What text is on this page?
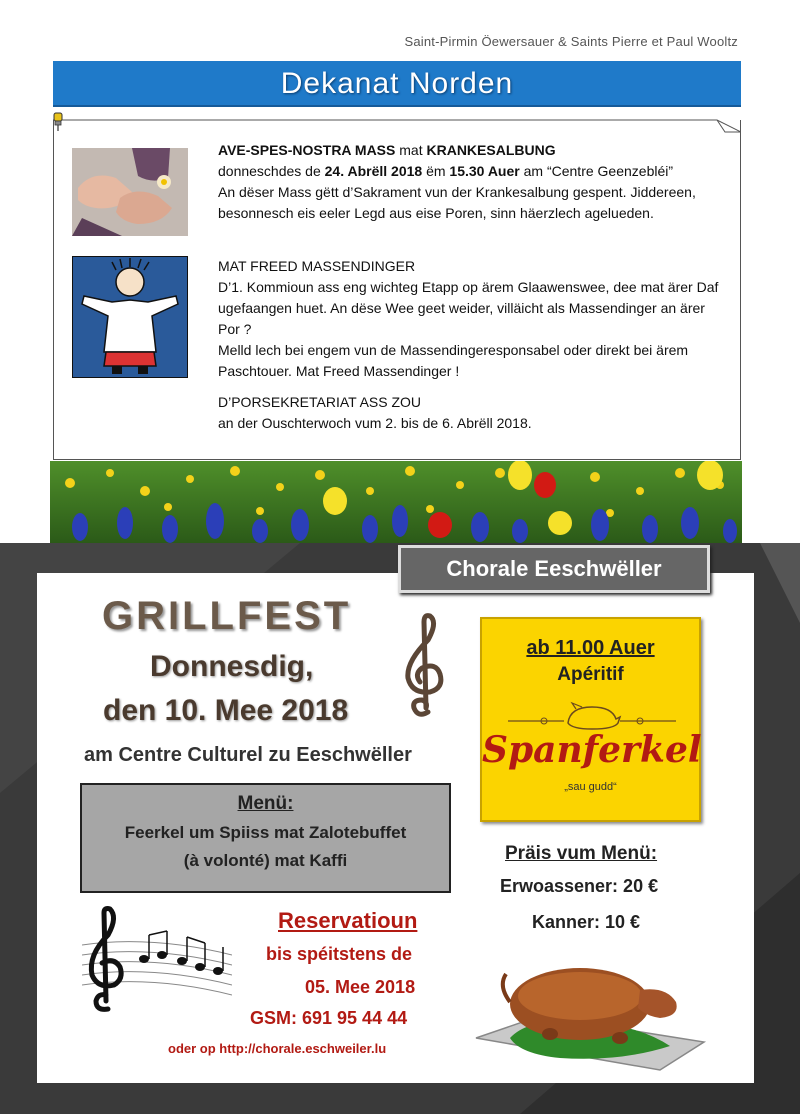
Saint-Pirmin Öewersauer & Saints Pierre et Paul Wooltz
Dekanat Norden
AVE-SPES-NOSTRA MASS mat KRANKESALBUNG
donneschdes de 24. Abrëll 2018 ëm 15.30 Auer am “Centre Geenzebléi”
An dëser Mass gëtt d’Sakrament vun der Krankesalbung gespent. Jiddereen, besonnesch eis eeler Legd aus eise Poren, sinn häerzlech agelueden.
MAT FREED MASSENDINGER
D’1. Kommioun ass eng wichteg Etapp op ärem Glaawenswee, dee mat ärer Daf ugefaangen huet. An dëse Wee geet weider, villäicht als Massendinger an ärer Por ?
Melld lech bei engem vun de Massendingeresponsabel oder direkt bei ärem Paschtouer. Mat Freed Massendinger !
D’PORSEKRETARIAT ASS ZOU
an der Ouschterwoch vum 2. bis de 6. Abrëll 2018.
Chorale Eeschwëller
GRILLFEST
Donnesdig,
den 10. Mee 2018
am Centre Culturel zu Eeschwëller
Menü:
Feerkel um Spiiss mat Zalotebuffet
(à volonté) mat Kaffi
ab 11.00 Auer
Apéritif
Spanferkel
„sau gudd“
Präis vum Menü:
Erwoassener: 20 €
Kanner: 10 €
Reservatioun
bis spéitstens de
05. Mee 2018
GSM: 691 95 44 44
oder op http://chorale.eschweiler.lu
